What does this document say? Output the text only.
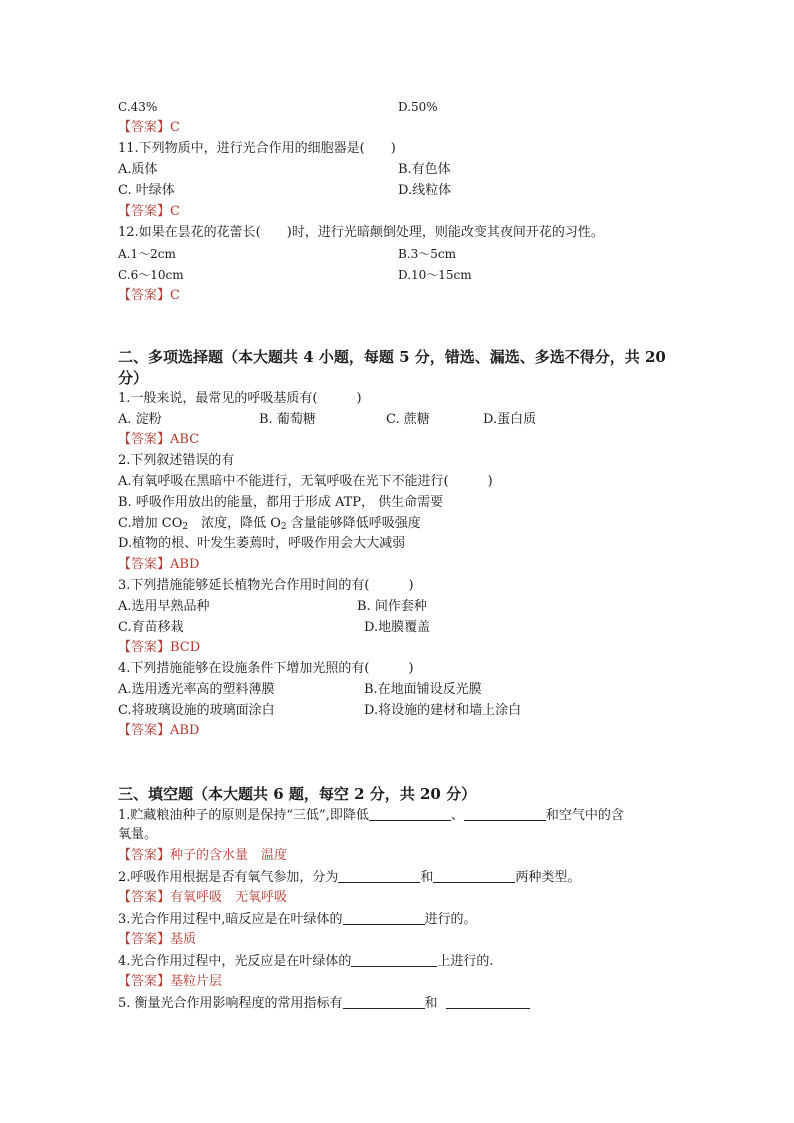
C.43%	D.50%
【答案】C
11.下列物质中，进行光合作用的细胞器是(　　)
A.质体	B.有色体
C. 叶绿体	D.线粒体
【答案】C
12.如果在昙花的花蕾长(　　)时，进行光暗颠倒处理，则能改变其夜间开花的习性。
A.1～2cm	B.3～5cm
C.6～10cm	D.10～15cm
【答案】C
二、多项选择题（本大题共 4 小题，每题 5 分，错选、漏选、多选不得分，共 20
分）
1.一般来说，最常见的呼吸基质有(　　　)
A. 淀粉	B. 葡萄糖	C. 蔗糖	D.蛋白质
【答案】ABC
2.下列叙述错误的有
A.有氧呼吸在黑暗中不能进行，无氧呼吸在光下不能进行(　　　)
B. 呼吸作用放出的能量，都用于形成 ATP， 供生命需要
C.增加 $CO_2$　浓度，降低 $O_2$ 含量能够降低呼吸强度
D.植物的根、叶发生萎蔫时，呼吸作用会大大减弱
【答案】ABD
3.下列措施能够延长植物光合作用时间的有(　　　)
A.选用早熟品种	B. 间作套种
C.育苗移栽	D.地膜覆盖
【答案】BCD
4.下列措施能够在设施条件下增加光照的有(　　　)
A.选用透光率高的塑料薄膜	B.在地面铺设反光膜
C.将玻璃设施的玻璃面涂白	D.将设施的建材和墙上涂白
【答案】ABD
三、填空题（本大题共 6 题，每空 2 分，共 20 分）
1.贮藏粮油种子的原则是保持“三低”,即降低	、	和空气中的含
氧量。
【答案】种子的含水量　温度
2.呼吸作用根据是否有氧气参加，分为	和	两种类型。
【答案】有氧呼吸　无氧呼吸
3.光合作用过程中,暗反应是在叶绿体的	进行的。
【答案】基质
4.光合作用过程中，光反应是在叶绿体的	上进行的.
【答案】基粒片层
5. 衡量光合作用影响程度的常用指标有	和
